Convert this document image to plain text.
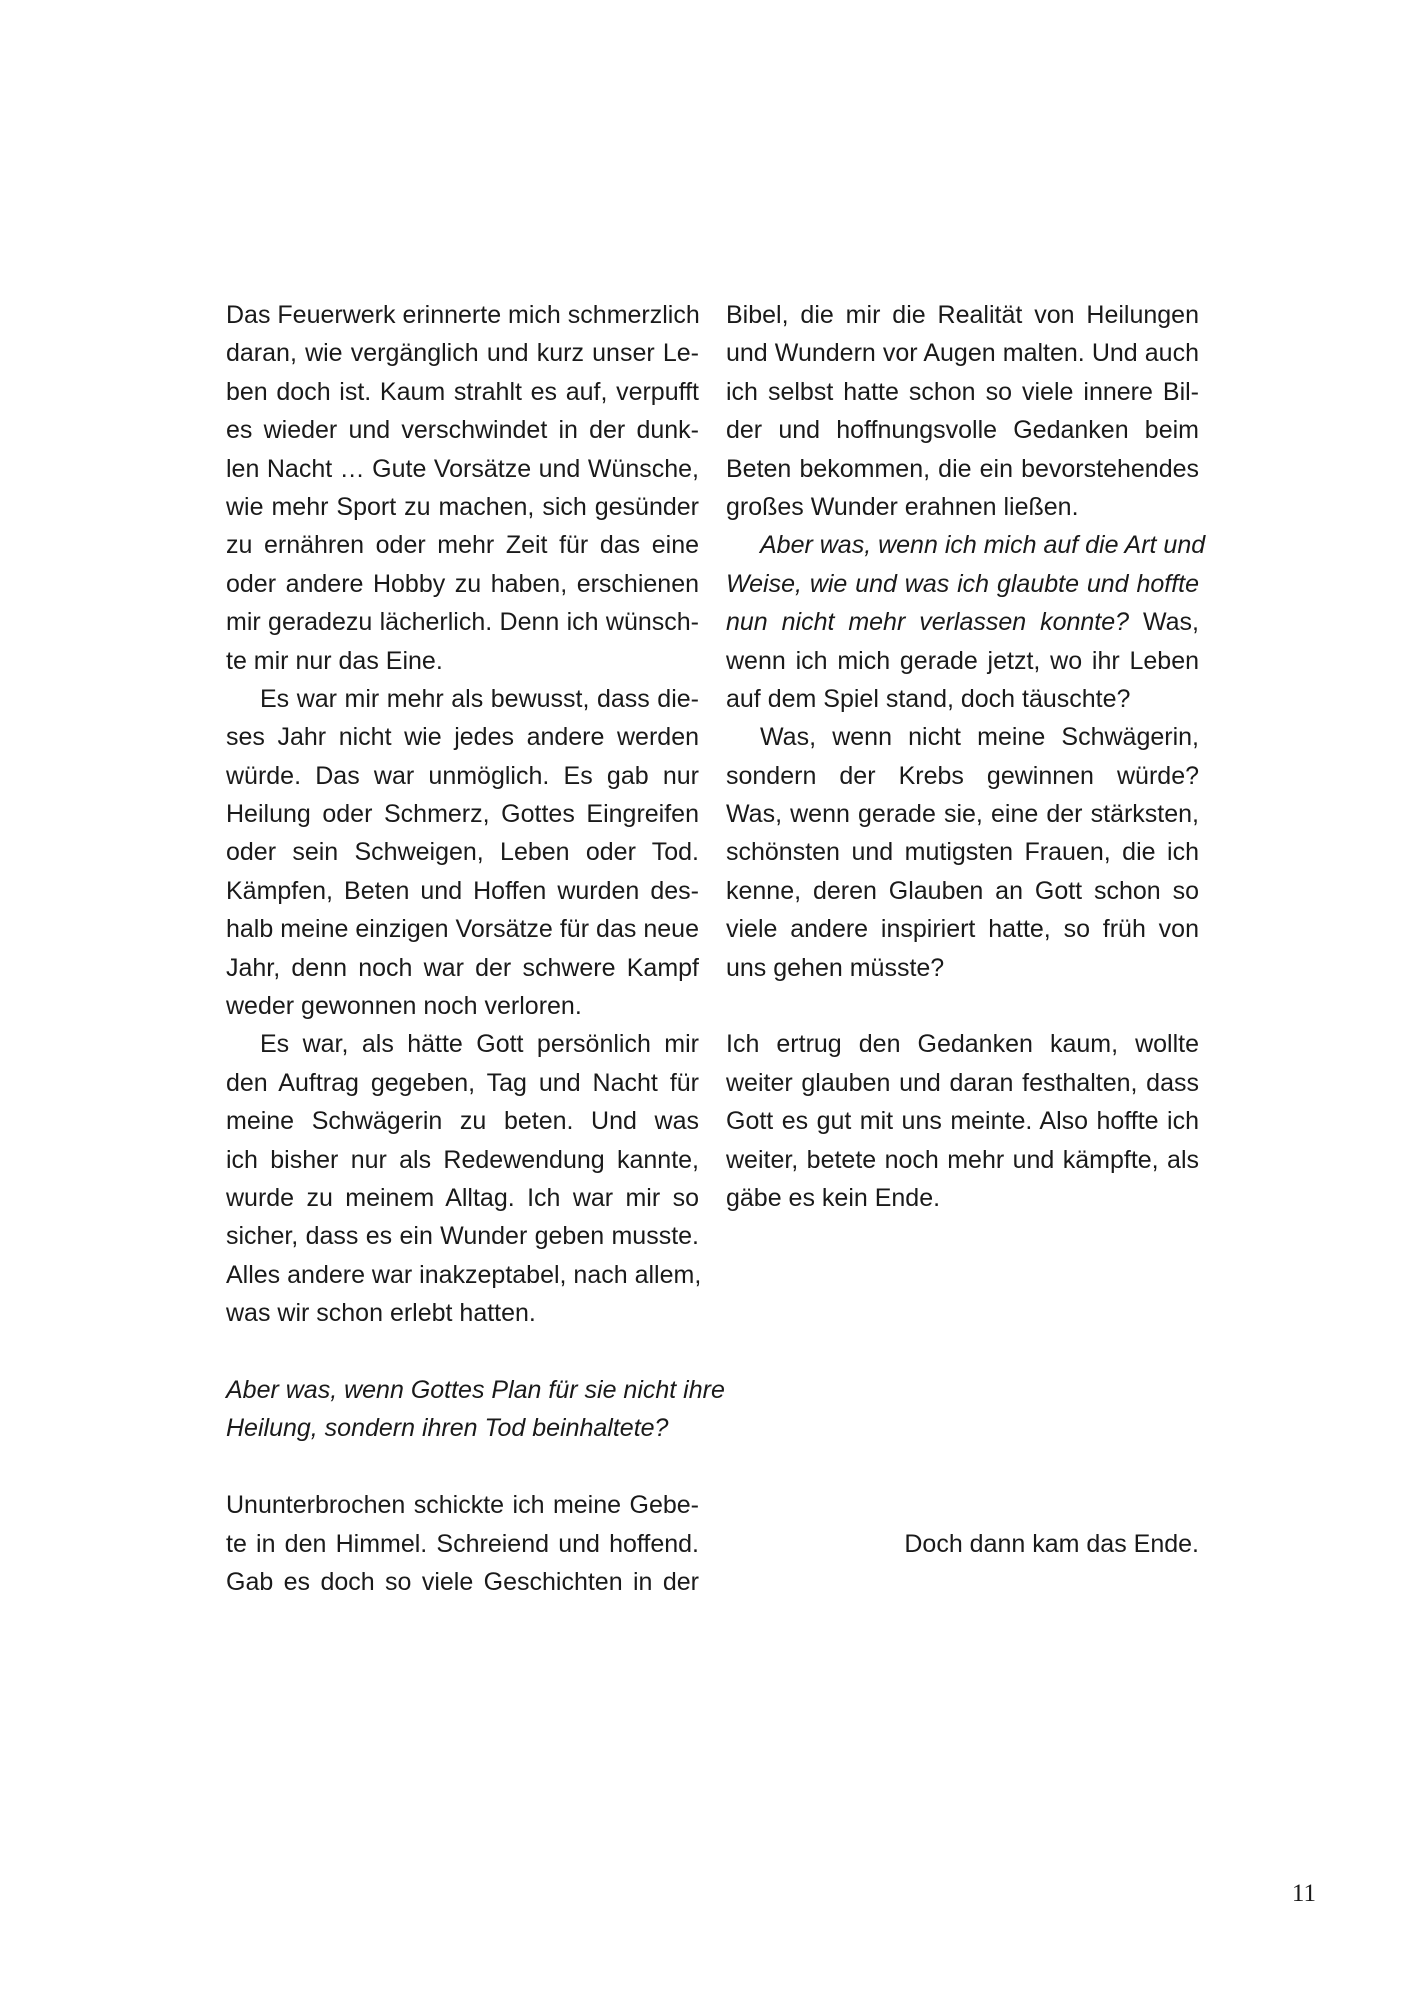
Das Feuerwerk erinnerte mich schmerzlich
daran, wie vergänglich und kurz unser Le-
ben doch ist. Kaum strahlt es auf, verpufft
es wieder und verschwindet in der dunk-
len Nacht … Gute Vorsätze und Wünsche,
wie mehr Sport zu machen, sich gesünder
zu ernähren oder mehr Zeit für das eine
oder andere Hobby zu haben, erschienen
mir geradezu lächerlich. Denn ich wünsch-
te mir nur das Eine.
Es war mir mehr als bewusst, dass die-
ses Jahr nicht wie jedes andere werden
würde. Das war unmöglich. Es gab nur
Heilung oder Schmerz, Gottes Eingreifen
oder sein Schweigen, Leben oder Tod.
Kämpfen, Beten und Hoffen wurden des-
halb meine einzigen Vorsätze für das neue
Jahr, denn noch war der schwere Kampf
weder gewonnen noch verloren.
Es war, als hätte Gott persönlich mir
den Auftrag gegeben, Tag und Nacht für
meine Schwägerin zu beten. Und was
ich bisher nur als Redewendung kannte,
wurde zu meinem Alltag. Ich war mir so
sicher, dass es ein Wunder geben musste.
Alles andere war inakzeptabel, nach allem,
was wir schon erlebt hatten.
Aber was, wenn Gottes Plan für sie nicht ihre
Heilung, sondern ihren Tod beinhaltete?
Ununterbrochen schickte ich meine Gebe-
te in den Himmel. Schreiend und hoffend.
Gab es doch so viele Geschichten in der
Bibel, die mir die Realität von Heilungen
und Wundern vor Augen malten. Und auch
ich selbst hatte schon so viele innere Bil-
der und hoffnungsvolle Gedanken beim
Beten bekommen, die ein bevorstehendes
großes Wunder erahnen ließen.
Aber was, wenn ich mich auf die Art und
Weise, wie und was ich glaubte und hoffte
nun nicht mehr verlassen konnte? Was,
wenn ich mich gerade jetzt, wo ihr Leben
auf dem Spiel stand, doch täuschte?
Was, wenn nicht meine Schwägerin,
sondern der Krebs gewinnen würde?
Was, wenn gerade sie, eine der stärksten,
schönsten und mutigsten Frauen, die ich
kenne, deren Glauben an Gott schon so
viele andere inspiriert hatte, so früh von
uns gehen müsste?
Ich ertrug den Gedanken kaum, wollte
weiter glauben und daran festhalten, dass
Gott es gut mit uns meinte. Also hoffte ich
weiter, betete noch mehr und kämpfte, als
gäbe es kein Ende.
Doch dann kam das Ende.
11
